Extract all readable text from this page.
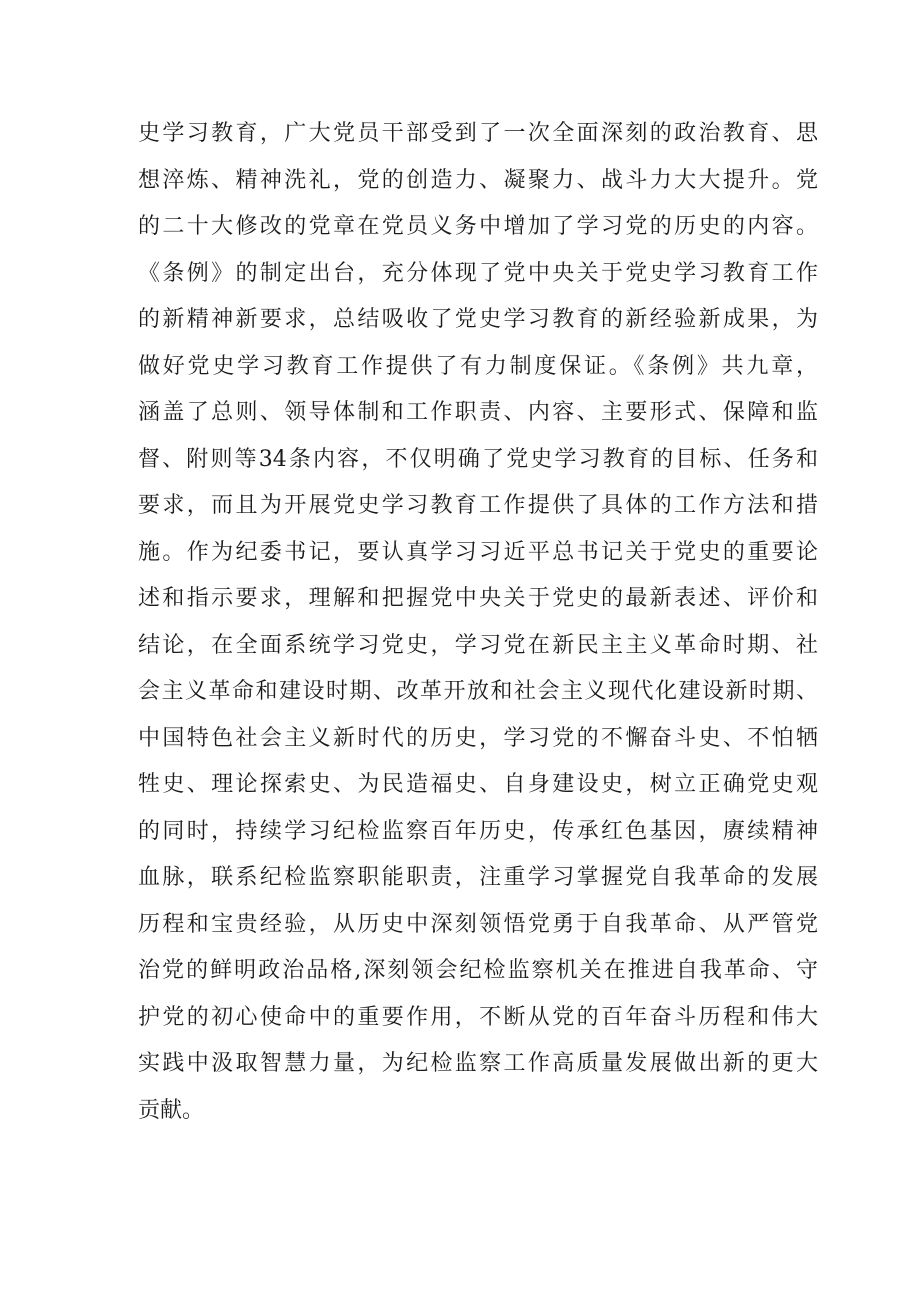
史学习教育，广大党员干部受到了一次全面深刻的政治教育、思
想淬炼、精神洗礼，党的创造力、凝聚力、战斗力大大提升。党
的二十大修改的党章在党员义务中增加了学习党的历史的内容。
《条例》的制定出台，充分体现了党中央关于党史学习教育工作
的新精神新要求，总结吸收了党史学习教育的新经验新成果，为
做好党史学习教育工作提供了有力制度保证。《条例》共九章，
涵盖了总则、领导体制和工作职责、内容、主要形式、保障和监
督、附则等34条内容，不仅明确了党史学习教育的目标、任务和
要求，而且为开展党史学习教育工作提供了具体的工作方法和措
施。作为纪委书记，要认真学习习近平总书记关于党史的重要论
述和指示要求，理解和把握党中央关于党史的最新表述、评价和
结论，在全面系统学习党史，学习党在新民主主义革命时期、社
会主义革命和建设时期、改革开放和社会主义现代化建设新时期、
中国特色社会主义新时代的历史，学习党的不懈奋斗史、不怕牺
牲史、理论探索史、为民造福史、自身建设史，树立正确党史观
的同时，持续学习纪检监察百年历史，传承红色基因，赓续精神
血脉，联系纪检监察职能职责，注重学习掌握党自我革命的发展
历程和宝贵经验，从历史中深刻领悟党勇于自我革命、从严管党
治党的鲜明政治品格,深刻领会纪检监察机关在推进自我革命、守
护党的初心使命中的重要作用，不断从党的百年奋斗历程和伟大
实践中汲取智慧力量，为纪检监察工作高质量发展做出新的更大
贡献。
